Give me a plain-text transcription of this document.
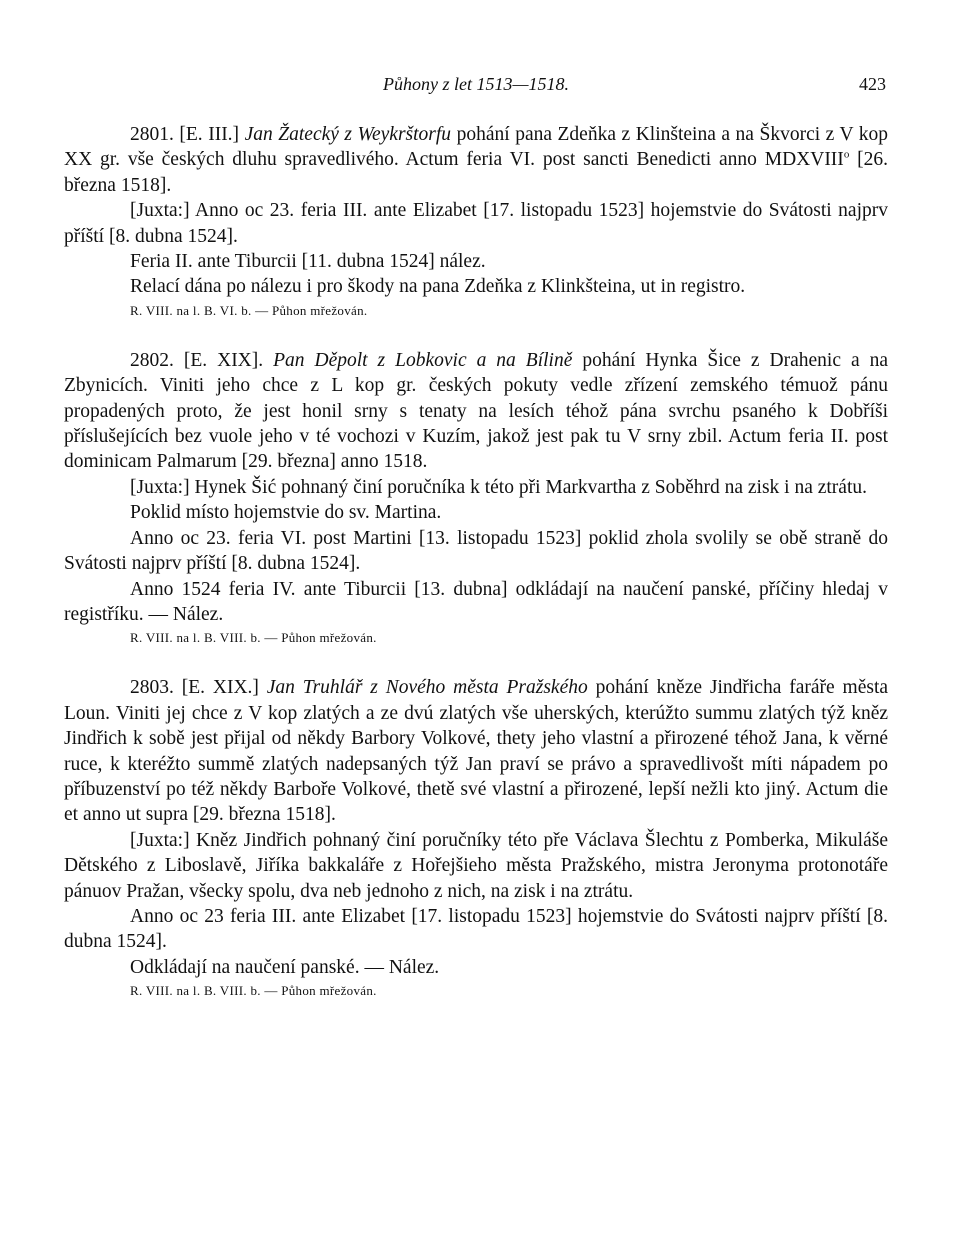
Půhony z let 1513—1518.	423

2801. [E. III.] Jan Žatecký z Weykrštorfu pohání pana Zdeňka z Klinšteina a na Škvorci z V kop XX gr. vše českých dluhu spravedlivého. Actum feria VI. post sancti Benedicti anno MDXVIII$^o$ [26. března 1518].

[Juxta:] Anno oc 23. feria III. ante Elizabet [17. listopadu 1523] hojemstvie do Svátosti najprv příští [8. dubna 1524].

Feria II. ante Tiburcii [11. dubna 1524] nález.

Relací dána po nálezu i pro škody na pana Zdeňka z Klinkšteina, ut in registro.

R. VIII. na l. B. VI. b. — Půhon mřežován.

2802. [E. XIX]. Pan Děpolt z Lobkovic a na Bílině pohání Hynka Šice z Drahenic a na Zbynicích. Viniti jeho chce z L kop gr. českých pokuty vedle zřízení zemského témuož pánu propadených proto, že jest honil srny s tenaty na lesích téhož pána svrchu psaného k Dobříši příslušejících bez vuole jeho v té vochozi v Kuzím, jakož jest pak tu V srny zbil. Actum feria II. post dominicam Palmarum [29. března] anno 1518.

[Juxta:] Hynek Šić pohnaný činí poručníka k této při Markvartha z Soběhrd na zisk i na ztrátu.

Poklid místo hojemstvie do sv. Martina.

Anno oc 23. feria VI. post Martini [13. listopadu 1523] poklid zhola svolily se obě straně do Svátosti najprv příští [8. dubna 1524].

Anno 1524 feria IV. ante Tiburcii [13. dubna] odkládají na naučení panské, příčiny hledaj v registříku. — Nález.

R. VIII. na l. B. VIII. b. — Půhon mřežován.

2803. [E. XIX.] Jan Truhlář z Nového města Pražského pohání kněze Jindřicha faráře města Loun. Viniti jej chce z V kop zlatých a ze dvú zlatých vše uherských, kterúžto summu zlatých týž kněz Jindřich k sobě jest přijal od někdy Barbory Volkové, thety jeho vlastní a přirozené téhož Jana, k věrné ruce, k kteréžto summě zlatých nadepsaných týž Jan praví se právo a spravedlivošt míti nápadem po příbuzenství po též někdy Barboře Volkové, thetě své vlastní a přirozené, lepší nežli kto jiný. Actum die et anno ut supra [29. března 1518].

[Juxta:] Kněz Jindřich pohnaný činí poručníky této pře Václava Šlechtu z Pomberka, Mikuláše Dětského z Liboslavě, Jiříka bakkaláře z Hořejšieho města Pražského, mistra Jeronyma protonotáře pánuov Pražan, všecky spolu, dva neb jednoho z nich, na zisk i na ztrátu.

Anno oc 23 feria III. ante Elizabet [17. listopadu 1523] hojemstvie do Svátosti najprv příští [8. dubna 1524].

Odkládají na naučení panské. — Nález.

R. VIII. na l. B. VIII. b. — Půhon mřežován.
